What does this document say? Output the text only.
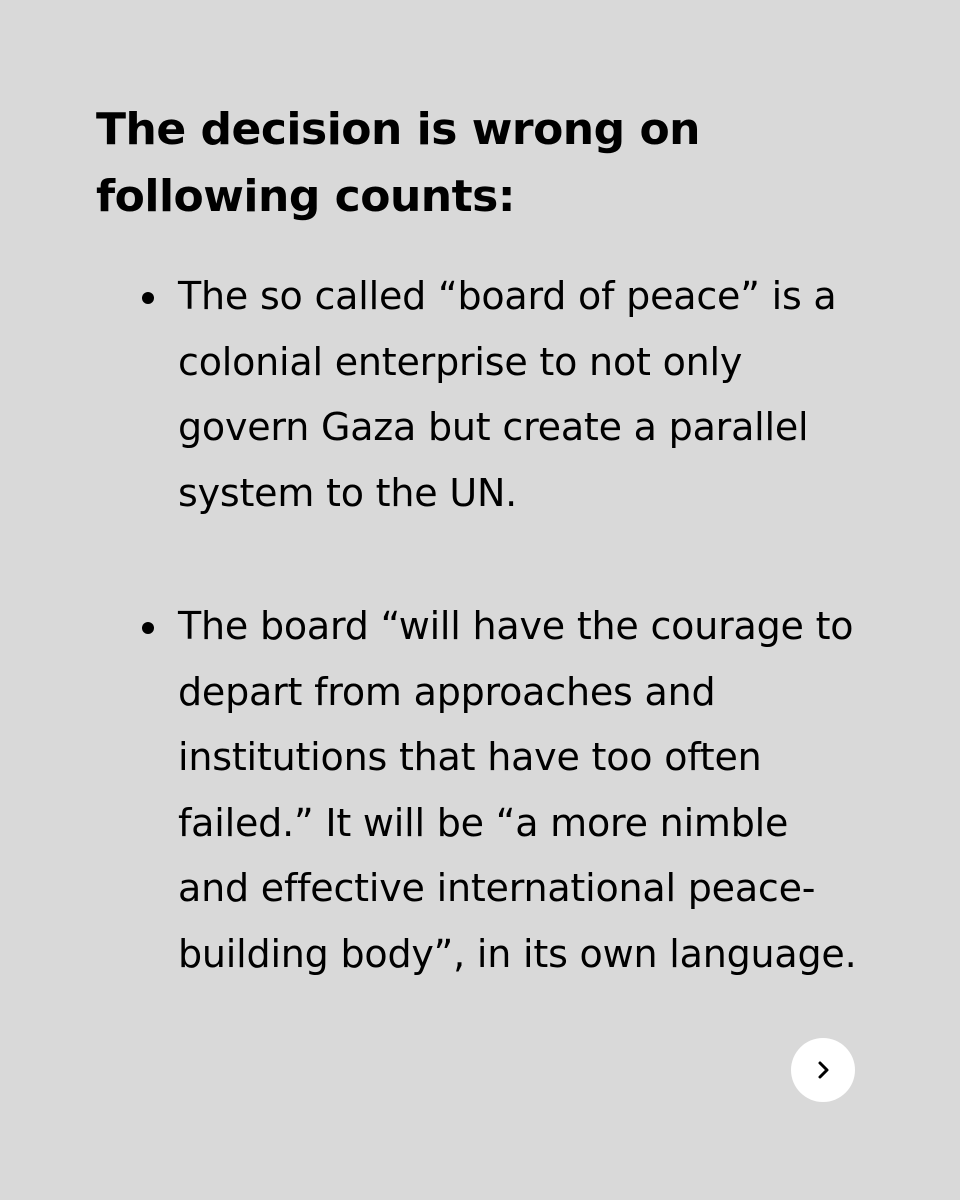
The decision is wrong on following counts:
The so called “board of peace” is a colonial enterprise to not only govern Gaza but create a parallel system to the UN.
The board “will have the courage to depart from approaches and institutions that have too often failed.” It will be “a more nimble and effective international peace-building body”, in its own language.
